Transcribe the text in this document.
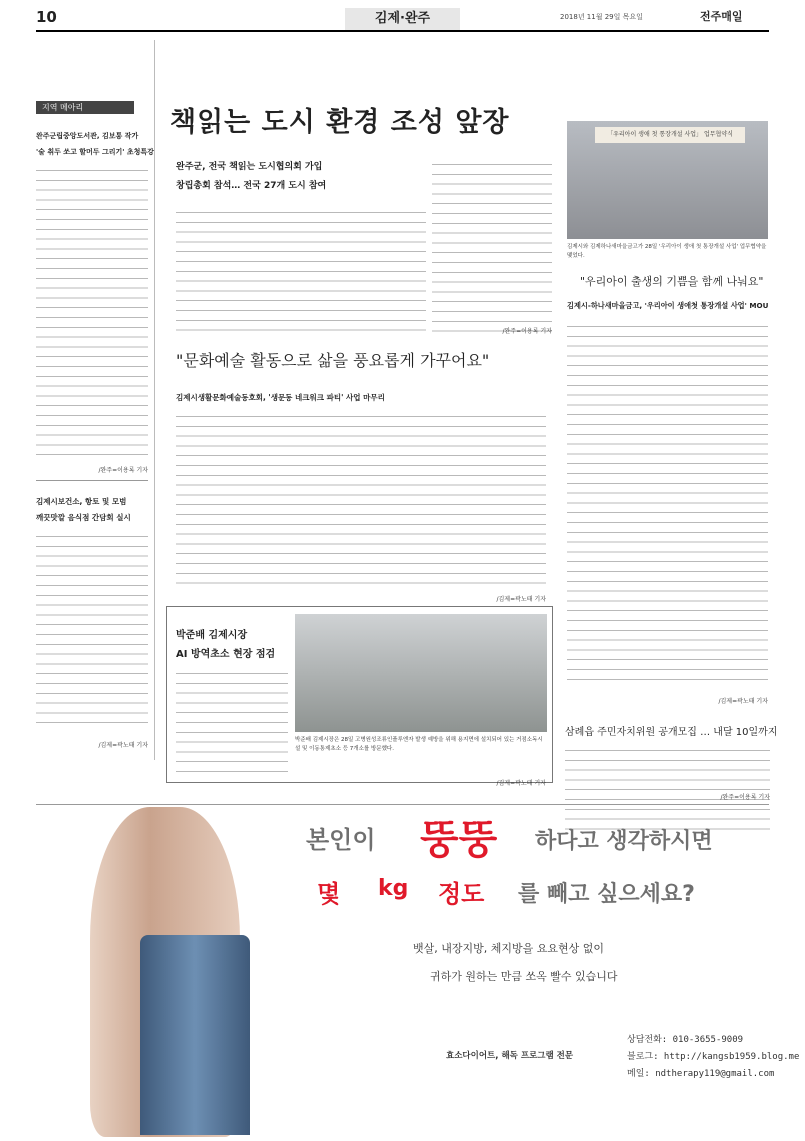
10	김제·완주	2018년 11월 29일 목요일	전주매일
지역 메아리
완주군립중앙도서관, 김보통 작가
'술 취두 쏘고 할머두 그리기' 초청특강
/완주=이용록 기자
김제시보건소, 항토 및 모범
깨끗맛깔 음식점 간담회 실시
/김제=곽노태 기자
책읽는 도시 환경 조성 앞장
완주군, 전국 책읽는 도시협의회 가입
창립총회 참석… 전국 27개 도시 참여
/완주=이용록 기자
「우리아이 생애 첫 통장개설 사업」 업무협약식
김제시와 김제하나새마을금고가 28일 '우리아이 생애 첫 통장개설 사업' 업무협약을 맺었다.
"우리아이 출생의 기쁨을 함께 나눠요"
김제시-하나새마을금고, '우리아이 생애첫 통장개설 사업' MOU
/김제=곽노태 기자
"문화예술 활동으로 삶을 풍요롭게 가꾸어요"
김제시생활문화예술동호회, '생문동 네크워크 파티' 사업 마무리
/김제=곽노태 기자
박준배 김제시장
AI 방역초소 현장 점검
박준배 김제시장은 28일 고병원성조류인플루엔자 발생 예방을 위해 용지면에 설치되어 있는 거점소독시설 및 이동통제초소 등 7개소를 방문했다.
/김제=곽노태 기자
삼례읍 주민자치위원 공개모집 … 내달 10일까지
/완주=이용록 기자
본인이 뚱뚱 하다고 생각하시면
몇 kg 정도 를 빼고 싶으세요?
뱃살, 내장지방, 체지방을 요요현상 없이
귀하가 원하는 만큼 쏘옥 빨수 있습니다
효소다이어트, 해독 프로그램 전문
상담전화: 010-3655-9009
블로그: http://kangsb1959.blog.me
메일: ndtherapy119@gmail.com
